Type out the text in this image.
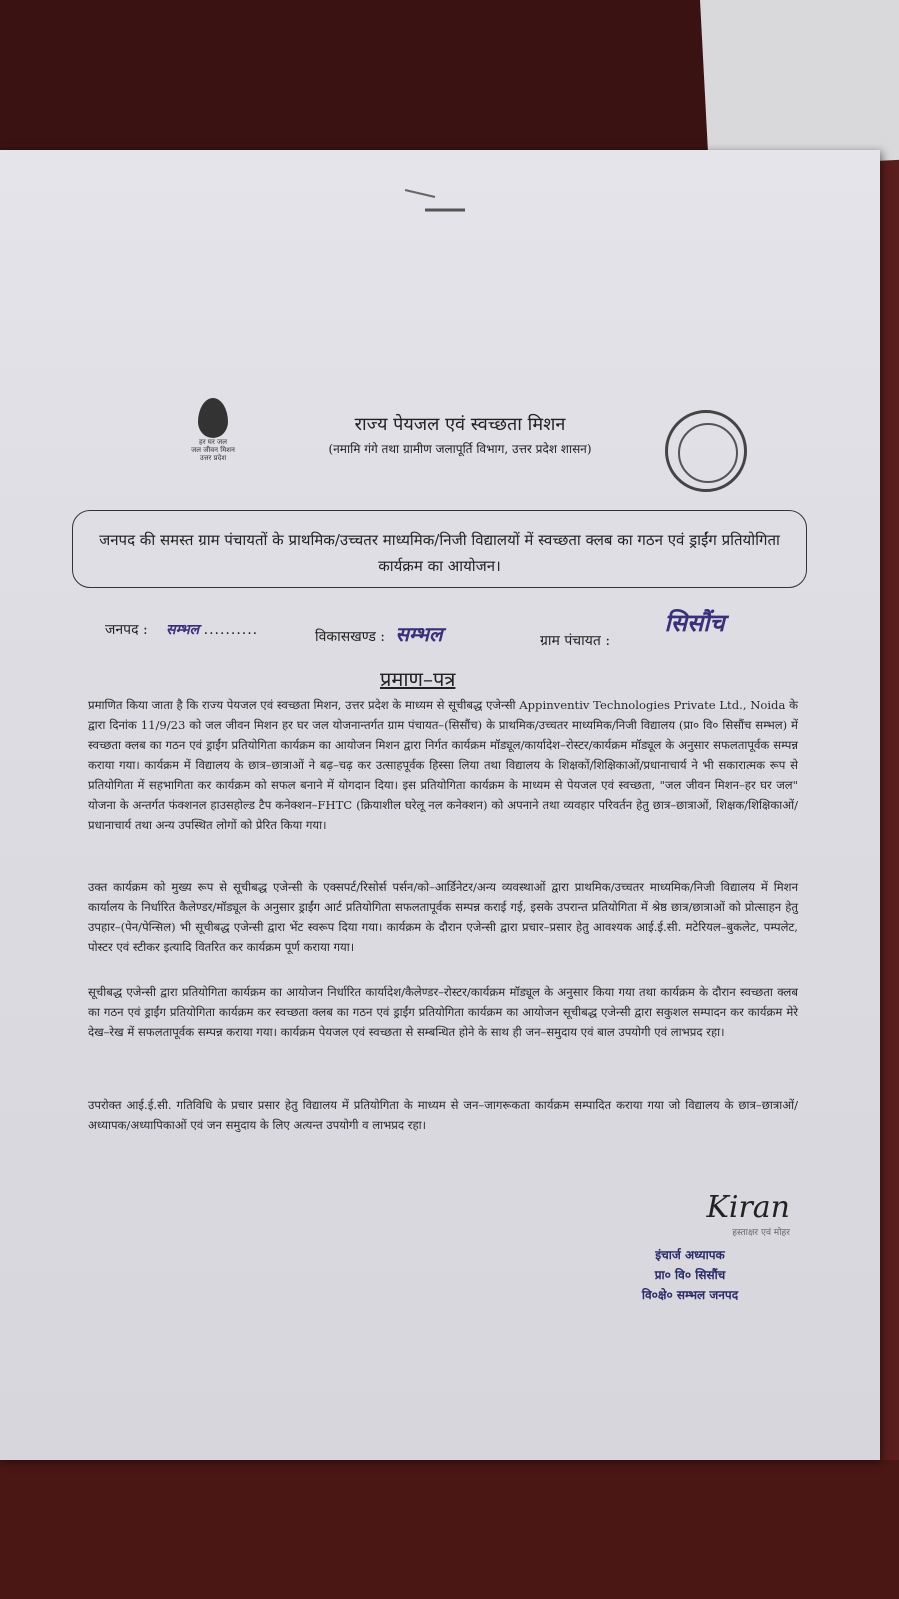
हर घर जल
जल जीवन मिशन
उत्तर प्रदेश
राज्य पेयजल एवं स्वच्छता मिशन
(नमामि गंगे तथा ग्रामीण जलापूर्ति विभाग, उत्तर प्रदेश शासन)
जनपद की समस्त ग्राम पंचायतों के प्राथमिक/उच्चतर माध्यमिक/निजी विद्यालयों में स्वच्छता क्लब का गठन एवं ड्राईंग प्रतियोगिता कार्यक्रम का आयोजन।
जनपद : सम्भल ..........	विकासखण्ड : सम्भल	ग्राम पंचायत : सिसौंच
प्रमाण–पत्र
प्रमाणित किया जाता है कि राज्य पेयजल एवं स्वच्छता मिशन, उत्तर प्रदेश के माध्यम से सूचीबद्ध एजेन्सी Appinventiv Technologies Private Ltd., Noida के द्वारा दिनांक 11/9/23 को जल जीवन मिशन हर घर जल योजनान्तर्गत ग्राम पंचायत–(सिसौंच) के प्राथमिक/उच्चतर माध्यमिक/निजी विद्यालय (प्रा० वि० सिसौंच सम्भल) में स्वच्छता क्लब का गठन एवं ड्राईंग प्रतियोगिता कार्यक्रम का आयोजन मिशन द्वारा निर्गत कार्यक्रम मॉड्यूल/कार्यादेश–रोस्टर/कार्यक्रम मॉड्यूल के अनुसार सफलतापूर्वक सम्पन्न कराया गया। कार्यक्रम में विद्यालय के छात्र–छात्राओं ने बढ़–चढ़ कर उत्साहपूर्वक हिस्सा लिया तथा विद्यालय के शिक्षकों/शिक्षिकाओं/प्रधानाचार्य ने भी सकारात्मक रूप से प्रतियोगिता में सहभागिता कर कार्यक्रम को सफल बनाने में योगदान दिया। इस प्रतियोगिता कार्यक्रम के माध्यम से पेयजल एवं स्वच्छता, "जल जीवन मिशन–हर घर जल" योजना के अन्तर्गत फंक्शनल हाउसहोल्ड टैप कनेक्शन–FHTC (क्रियाशील घरेलू नल कनेक्शन) को अपनाने तथा व्यवहार परिवर्तन हेतु छात्र–छात्राओं, शिक्षक/शिक्षिकाओं/प्रधानाचार्य तथा अन्य उपस्थित लोगों को प्रेरित किया गया।
उक्त कार्यक्रम को मुख्य रूप से सूचीबद्ध एजेन्सी के एक्सपर्ट/रिसोर्स पर्सन/को–आर्डिनेटर/अन्य व्यवस्थाओं द्वारा प्राथमिक/उच्चतर माध्यमिक/निजी विद्यालय में मिशन कार्यालय के निर्धारित कैलेण्डर/मॉड्यूल के अनुसार ड्राईंग आर्ट प्रतियोगिता सफलतापूर्वक सम्पन्न कराई गई, इसके उपरान्त प्रतियोगिता में श्रेष्ठ छात्र/छात्राओं को प्रोत्साहन हेतु उपहार–(पेन/पेन्सिल) भी सूचीबद्ध एजेन्सी द्वारा भेंट स्वरूप दिया गया। कार्यक्रम के दौरान एजेन्सी द्वारा प्रचार–प्रसार हेतु आवश्यक आई.ई.सी. मटेरियल–बुकलेट, पम्पलेट, पोस्टर एवं स्टीकर इत्यादि वितरित कर कार्यक्रम पूर्ण कराया गया।
सूचीबद्ध एजेन्सी द्वारा प्रतियोगिता कार्यक्रम का आयोजन निर्धारित कार्यादेश/कैलेण्डर–रोस्टर/कार्यक्रम मॉड्यूल के अनुसार किया गया तथा कार्यक्रम के दौरान स्वच्छता क्लब का गठन एवं ड्राईंग प्रतियोगिता कार्यक्रम कर स्वच्छता क्लब का गठन एवं ड्राईंग प्रतियोगिता कार्यक्रम का आयोजन सूचीबद्ध एजेन्सी द्वारा सकुशल सम्पादन कर कार्यक्रम मेरे देख–रेख में सफलतापूर्वक सम्पन्न कराया गया। कार्यक्रम पेयजल एवं स्वच्छता से सम्बन्धित होने के साथ ही जन–समुदाय एवं बाल उपयोगी एवं लाभप्रद रहा।
उपरोक्त आई.ई.सी. गतिविधि के प्रचार प्रसार हेतु विद्यालय में प्रतियोगिता के माध्यम से जन–जागरूकता कार्यक्रम सम्पादित कराया गया जो विद्यालय के छात्र–छात्राओं/अध्यापक/अध्यापिकाओं एवं जन समुदाय के लिए अत्यन्त उपयोगी व लाभप्रद रहा।
Kiran
हस्ताक्षर एवं मोहर
इंचार्ज अध्यापक
प्रा० वि० सिसौंच
वि०क्षे० सम्भल जनपद
